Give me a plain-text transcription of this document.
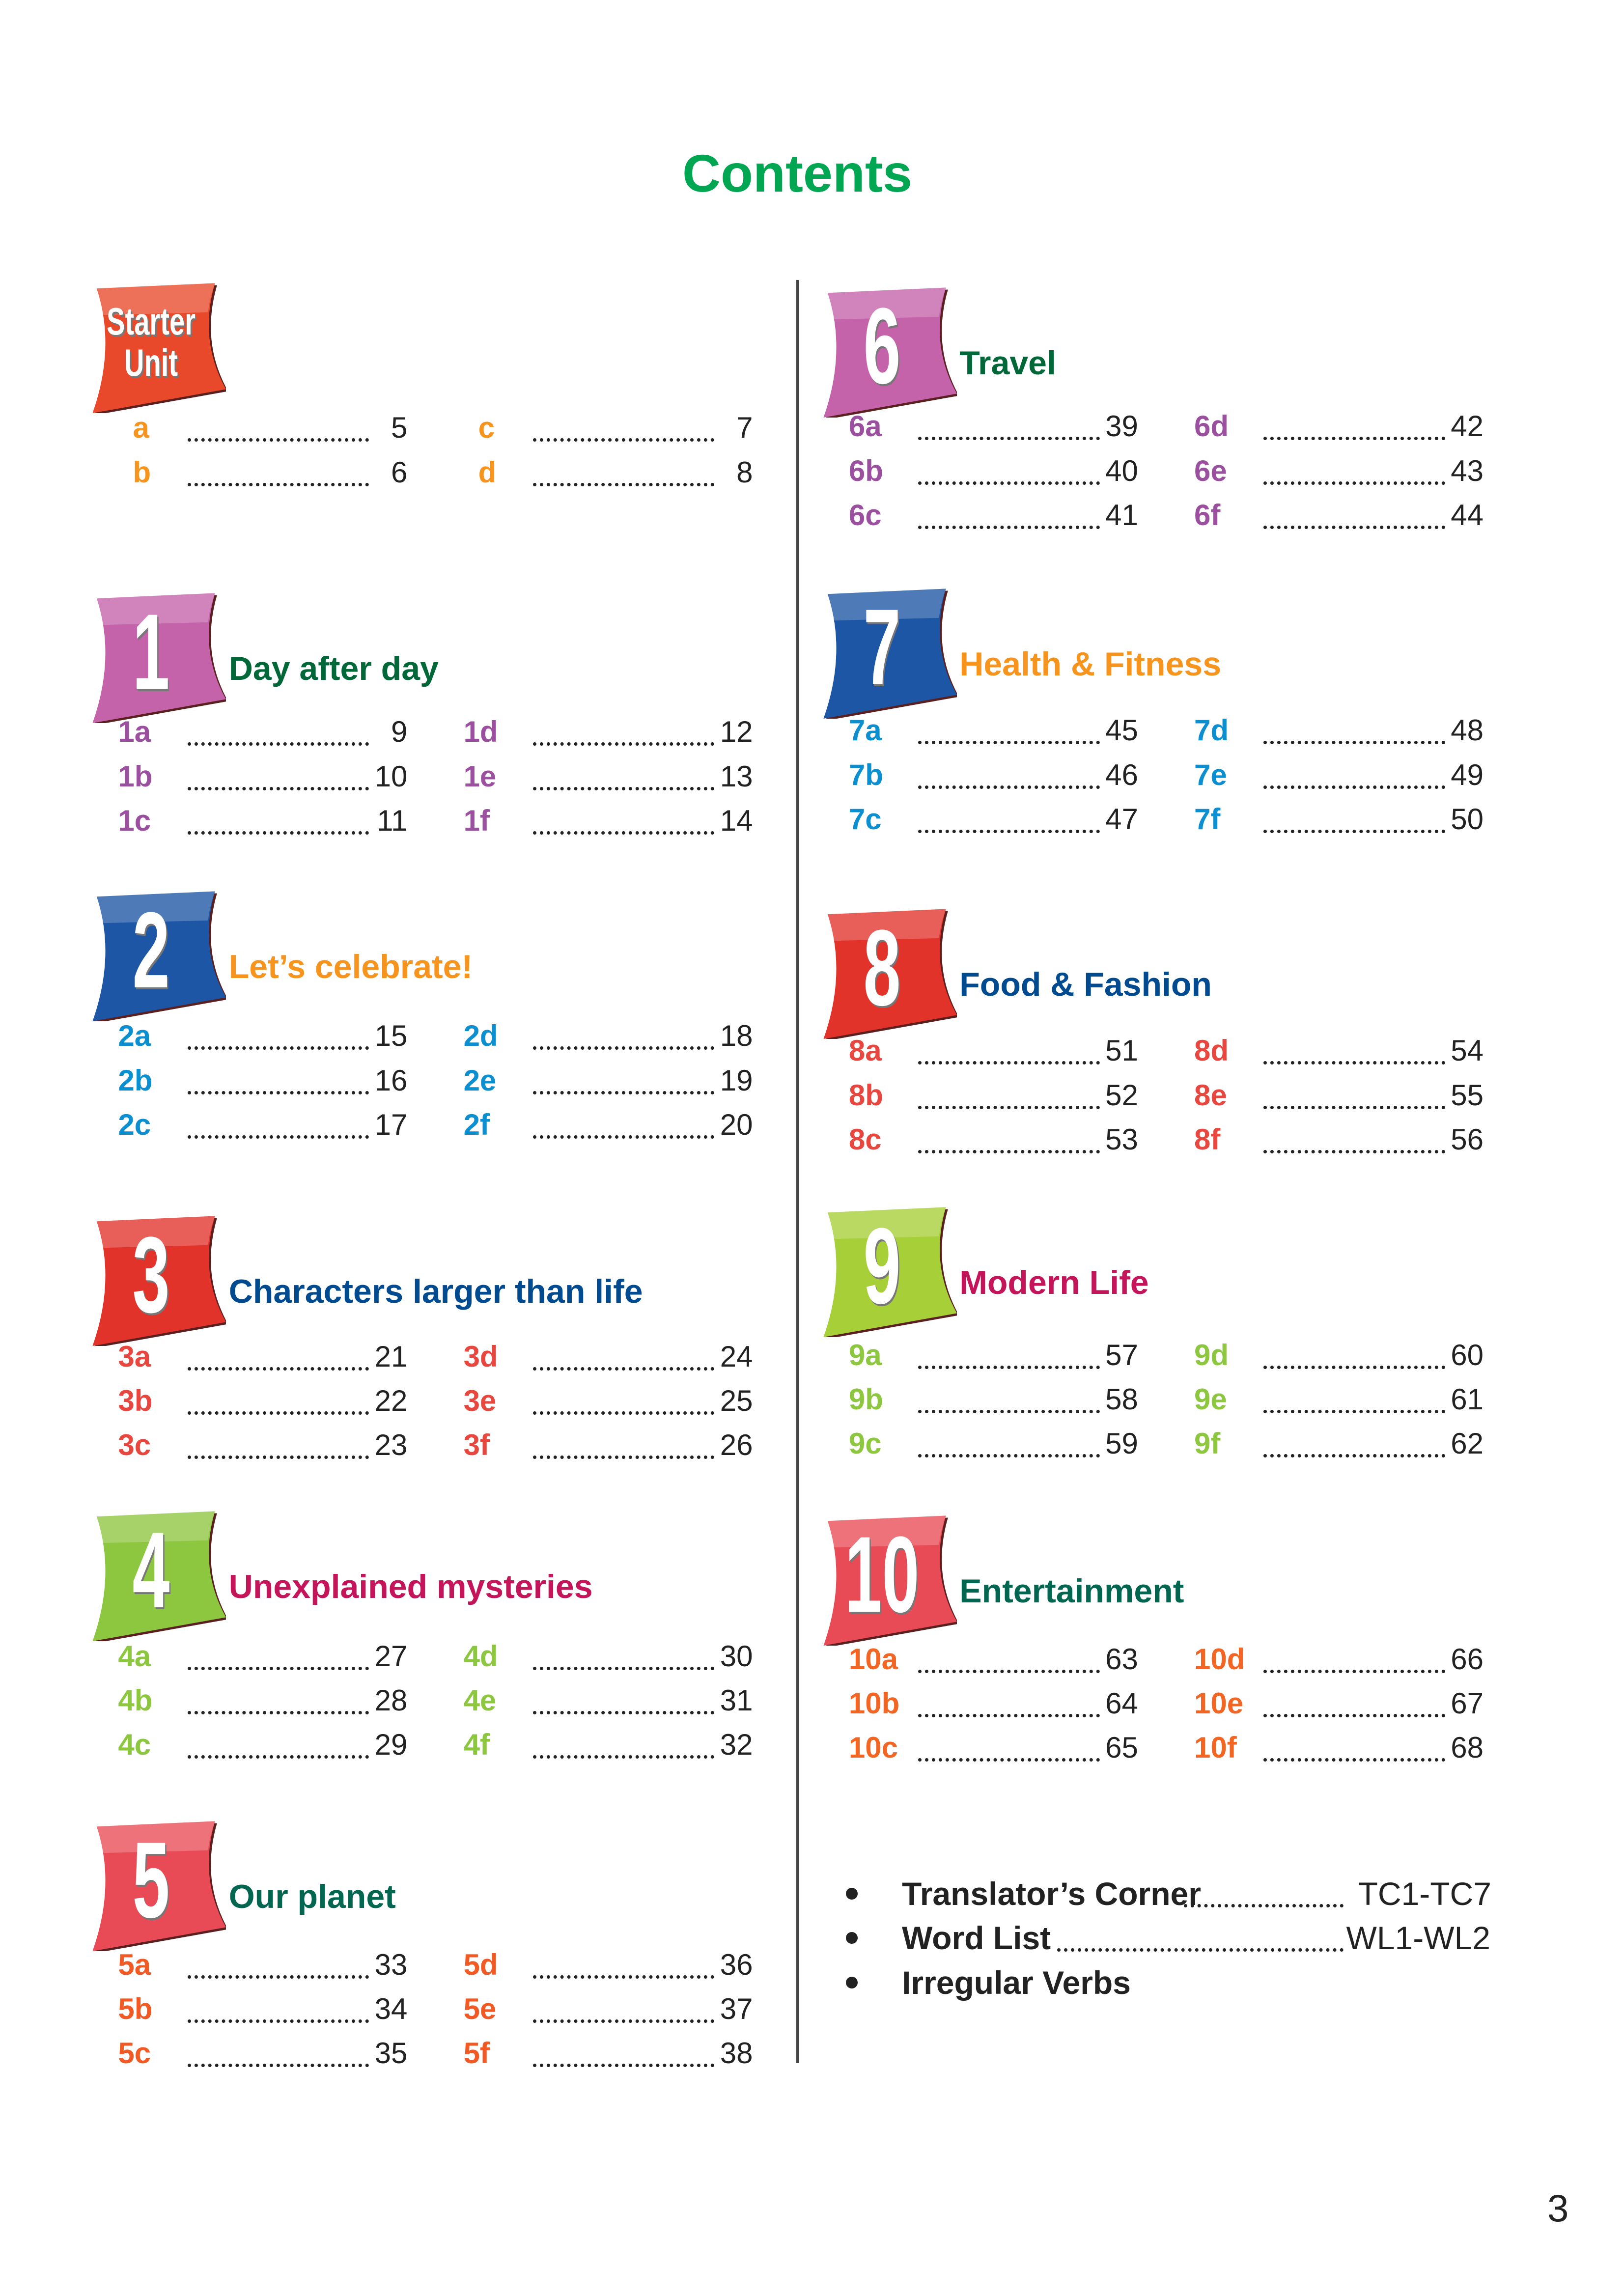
Contents
Starter
Unit
a	5
b	6
c	7
d	8
1	Day after day
1a	9
1b	10
1c	11
1d	12
1e	13
1f	14
2	Let’s celebrate!
2a	15
2b	16
2c	17
2d	18
2e	19
2f	20
3	Characters larger than life
3a	21
3b	22
3c	23
3d	24
3e	25
3f	26
4	Unexplained mysteries
4a	27
4b	28
4c	29
4d	30
4e	31
4f	32
5	Our planet
5a	33
5b	34
5c	35
5d	36
5e	37
5f	38
6	Travel
6a	39
6b	40
6c	41
6d	42
6e	43
6f	44
7	Health & Fitness
7a	45
7b	46
7c	47
7d	48
7e	49
7f	50
8	Food & Fashion
8a	51
8b	52
8c	53
8d	54
8e	55
8f	56
9	Modern Life
9a	57
9b	58
9c	59
9d	60
9e	61
9f	62
10 Entertainment
10a	63
10b	64
10c	65
10d	66
10e	67
10f	68
Translator’s Corner	TC1-TC7
Word List	WL1-WL2
Irregular Verbs
3
